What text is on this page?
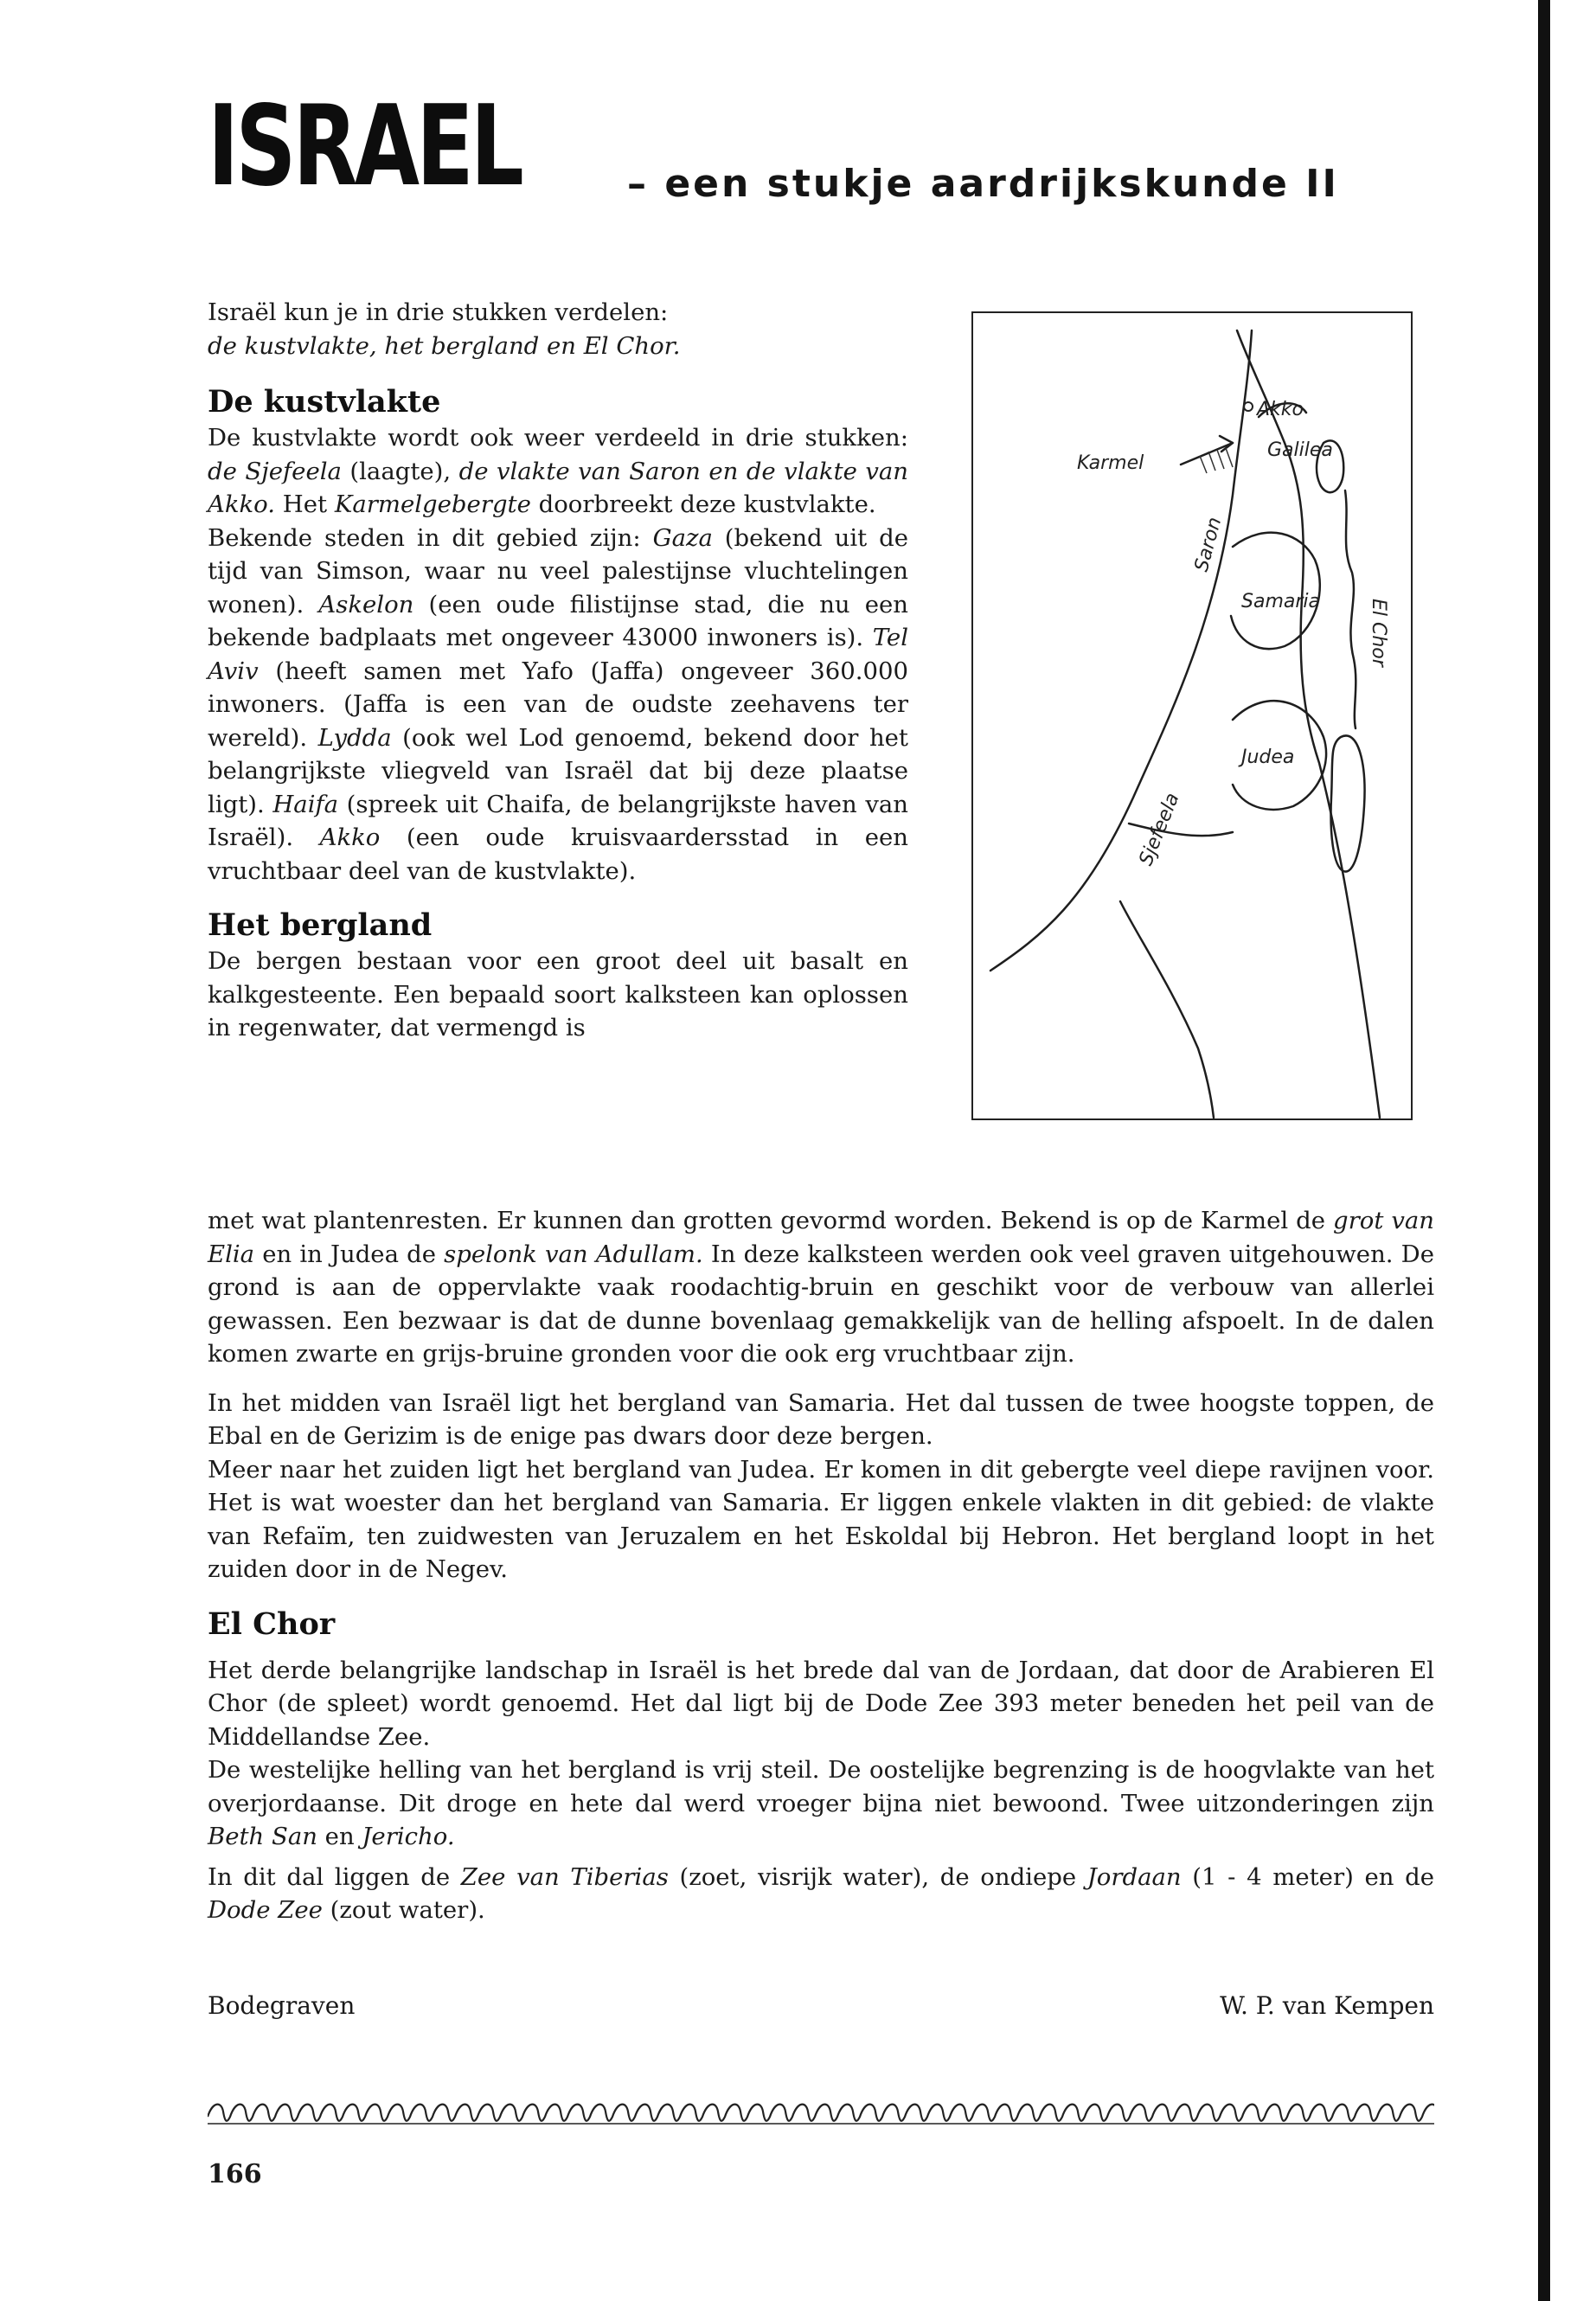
ISRAEL	– een stukje aardrijkskunde II

Israël kun je in drie stukken verdelen:

de kustvlakte, het bergland en El Chor.

De kustvlakte

De kustvlakte wordt ook weer verdeeld in drie stukken: de Sjefeela (laagte), de vlakte van Saron en de vlakte van Akko. Het Karmelgebergte doorbreekt deze kustvlakte.

Bekende steden in dit gebied zijn: Gaza (bekend uit de tijd van Simson, waar nu veel palestijnse vluchtelingen wonen). Askelon (een oude filistijnse stad, die nu een bekende badplaats met ongeveer 43000 inwoners is). Tel Aviv (heeft samen met Yafo (Jaffa) ongeveer 360.000 inwoners. (Jaffa is een van de oudste zeehavens ter wereld). Lydda (ook wel Lod genoemd, bekend door het belangrijkste vliegveld van Israël dat bij deze plaatse ligt). Haifa (spreek uit Chaifa, de belangrijkste haven van Israël). Akko (een oude kruisvaardersstad in een vruchtbaar deel van de kustvlakte).

Het bergland

De bergen bestaan voor een groot deel uit basalt en kalkgesteente. Een bepaald soort kalksteen kan oplossen in regenwater, dat vermengd is

Akko
Galilea
Karmel
Saron
Samaria	El Chor
Judea
Sjefeela

met wat plantenresten. Er kunnen dan grotten gevormd worden. Bekend is op de Karmel de grot van Elia en in Judea de spelonk van Adullam. In deze kalksteen werden ook veel graven uitgehouwen. De grond is aan de oppervlakte vaak roodachtig-bruin en geschikt voor de verbouw van allerlei gewassen. Een bezwaar is dat de dunne bovenlaag gemakkelijk van de helling afspoelt. In de dalen komen zwarte en grijs-bruine gronden voor die ook erg vruchtbaar zijn.

In het midden van Israël ligt het bergland van Samaria. Het dal tussen de twee hoogste toppen, de Ebal en de Gerizim is de enige pas dwars door deze bergen.

Meer naar het zuiden ligt het bergland van Judea. Er komen in dit gebergte veel diepe ravijnen voor. Het is wat woester dan het bergland van Samaria. Er liggen enkele vlakten in dit gebied: de vlakte van Refaïm, ten zuidwesten van Jeruzalem en het Eskoldal bij Hebron. Het bergland loopt in het zuiden door in de Negev.

El Chor

Het derde belangrijke landschap in Israël is het brede dal van de Jordaan, dat door de Arabieren El Chor (de spleet) wordt genoemd. Het dal ligt bij de Dode Zee 393 meter beneden het peil van de Middellandse Zee.

De westelijke helling van het bergland is vrij steil. De oostelijke begrenzing is de hoogvlakte van het overjordaanse. Dit droge en hete dal werd vroeger bijna niet bewoond. Twee uitzonderingen zijn Beth San en Jericho.

In dit dal liggen de Zee van Tiberias (zoet, visrijk water), de ondiepe Jordaan (1 - 4 meter) en de Dode Zee (zout water).

Bodegraven	W. P. van Kempen
166
